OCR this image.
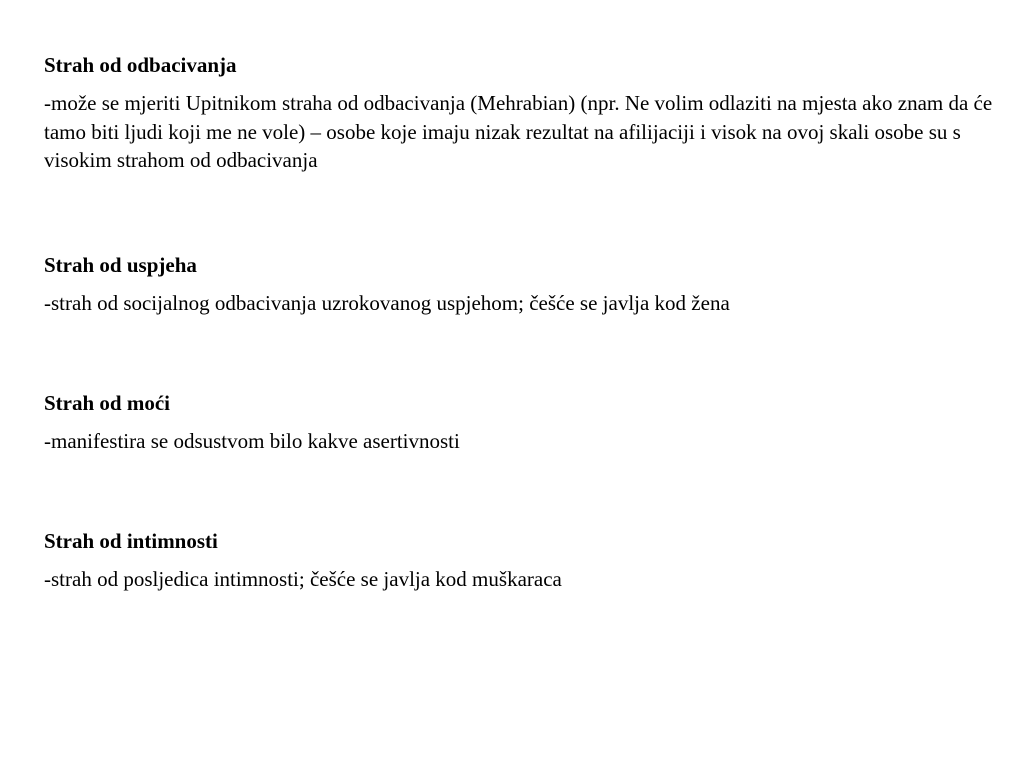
Strah od odbacivanja

-može se mjeriti Upitnikom straha od odbacivanja (Mehrabian) (npr. Ne volim odlaziti na mjesta ako znam da će tamo biti ljudi koji me ne vole) – osobe koje imaju nizak rezultat na afilijaciji i visok na ovoj skali osobe su s visokim strahom od odbacivanja

Strah od uspjeha

-strah od socijalnog odbacivanja uzrokovanog uspjehom; češće se javlja kod žena

Strah od moći

-manifestira se odsustvom bilo kakve asertivnosti

Strah od intimnosti

-strah od posljedica intimnosti; češće se javlja kod muškaraca
